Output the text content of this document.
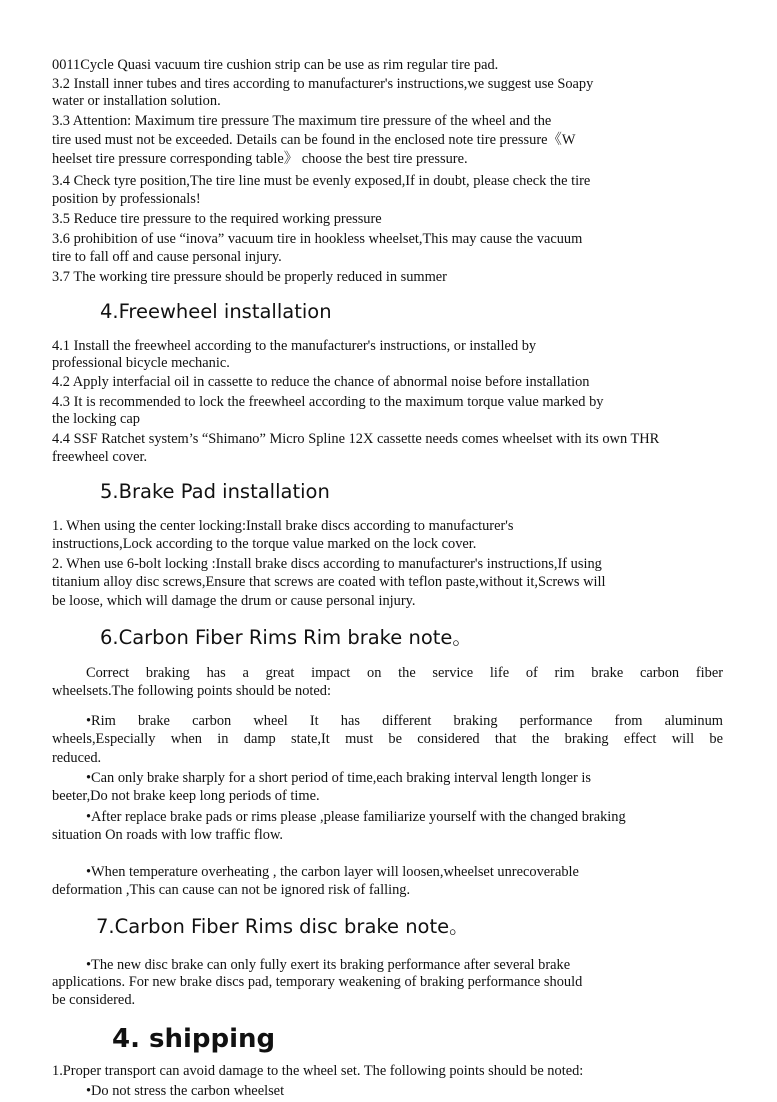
0011Cycle Quasi vacuum tire cushion strip can be use as rim regular tire pad.
3.2 Install inner tubes and tires according to manufacturer's instructions,we suggest use Soapy
water or installation solution.
3.3 Attention: Maximum tire pressure The maximum tire pressure of the wheel and the
tire used must not be exceeded. Details can be found in the enclosed note tire pressure《W
heelset tire pressure corresponding table》 choose the best tire pressure.
3.4 Check tyre position,The tire line must be evenly exposed,If in doubt, please check the tire
position by professionals!
3.5 Reduce tire pressure to the required working pressure
3.6 prohibition of use “inova” vacuum tire in hookless wheelset,This may cause the vacuum
tire to fall off and cause personal injury.
3.7 The working tire pressure should be properly reduced in summer
4.Freewheel installation
4.1 Install the freewheel according to the manufacturer's instructions, or installed by
professional bicycle mechanic.
4.2 Apply interfacial oil in cassette to reduce the chance of abnormal noise before installation
4.3 It is recommended to lock the freewheel according to the maximum torque value marked by
the locking cap
4.4 SSF Ratchet system’s “Shimano” Micro Spline 12X cassette needs comes wheelset with its own THR
freewheel cover.
5.Brake Pad installation
1. When using the center locking:Install brake discs according to manufacturer's
instructions,Lock according to the torque value marked on the lock cover.
2. When use 6-bolt locking :Install brake discs according to manufacturer's instructions,If using
titanium alloy disc screws,Ensure that screws are coated with teflon paste,without it,Screws will
be loose, which will damage the drum or cause personal injury.
6.Carbon Fiber Rims Rim brake note。
Correct braking has a great impact on the service life of rim brake carbon fiber
wheelsets.The following points should be noted:
•Rim brake carbon wheel It has different braking performance from aluminum
wheels,Especially when in damp state,It must be considered that the braking effect will be
reduced.
•Can only brake sharply for a short period of time,each braking interval length longer is
beeter,Do not brake keep long periods of time.
•After replace brake pads or rims please ,please familiarize yourself with the changed braking
situation On roads with low traffic flow.
•When temperature overheating , the carbon layer will loosen,wheelset unrecoverable
deformation ,This can cause can not be ignored risk of falling.
7.Carbon Fiber Rims disc brake note。
•The new disc brake can only fully exert its braking performance after several brake
applications. For new brake discs pad, temporary weakening of braking performance should
be considered.
4. shipping
1.Proper transport can avoid damage to the wheel set. The following points should be noted:
•Do not stress the carbon wheelset
